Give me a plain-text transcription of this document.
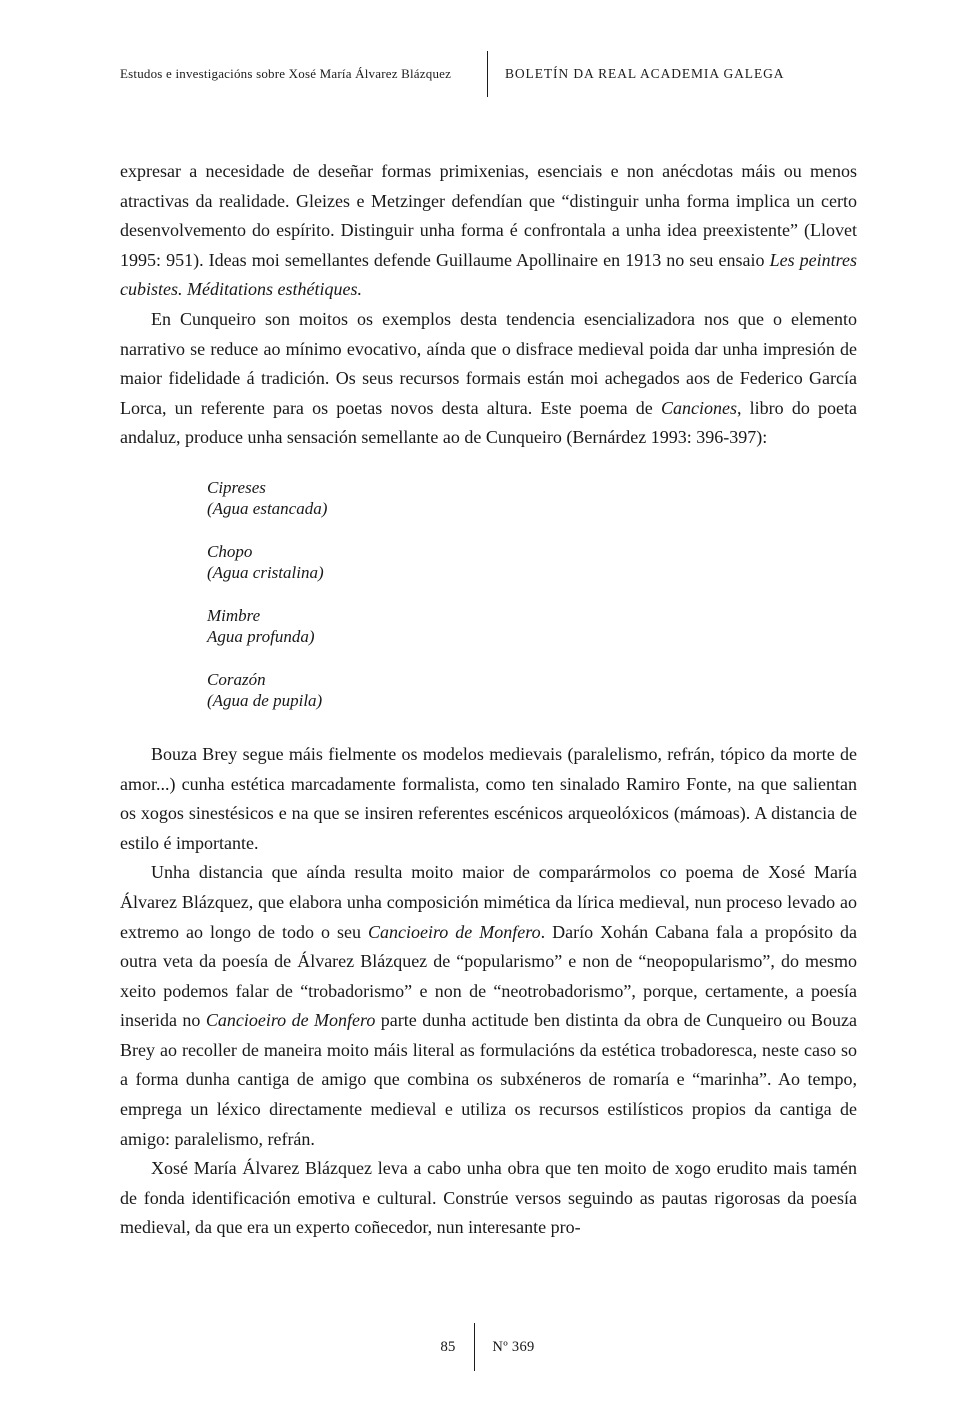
Estudos e investigacións sobre Xosé María Álvarez Blázquez	BOLETÍN DA REAL ACADEMIA GALEGA

expresar a necesidade de deseñar formas primixenias, esenciais e non anécdotas máis ou menos atractivas da realidade. Gleizes e Metzinger defendían que “distinguir unha forma implica un certo desenvolvemento do espírito. Distinguir unha forma é confrontala a unha idea preexistente” (Llovet 1995: 951). Ideas moi semellantes defende Guillaume Apollinaire en 1913 no seu ensaio Les peintres cubistes. Méditations esthétiques.

En Cunqueiro son moitos os exemplos desta tendencia esencializadora nos que o elemento narrativo se reduce ao mínimo evocativo, aínda que o disfrace medieval poida dar unha impresión de maior fidelidade á tradición. Os seus recursos formais están moi achegados aos de Federico García Lorca, un referente para os poetas novos desta altura. Este poema de Canciones, libro do poeta andaluz, produce unha sensación semellante ao de Cunqueiro (Bernárdez 1993: 396-397):

Cipreses
(Agua estancada)
Chopo
(Agua cristalina)
Mimbre
Agua profunda)
Corazón
(Agua de pupila)

Bouza Brey segue máis fielmente os modelos medievais (paralelismo, refrán, tópico da morte de amor...) cunha estética marcadamente formalista, como ten sinalado Ramiro Fonte, na que salientan os xogos sinestésicos e na que se insiren referentes escénicos arqueolóxicos (mámoas). A distancia de estilo é importante.

Unha distancia que aínda resulta moito maior de comparármolos co poema de Xosé María Álvarez Blázquez, que elabora unha composición mimética da lírica medieval, nun proceso levado ao extremo ao longo de todo o seu Cancioeiro de Monfero. Darío Xohán Cabana fala a propósito da outra veta da poesía de Álvarez Blázquez de “popularismo” e non de “neopopularismo”, do mesmo xeito podemos falar de “trobadorismo” e non de “neotrobadorismo”, porque, certamente, a poesía inserida no Cancioeiro de Monfero parte dunha actitude ben distinta da obra de Cunqueiro ou Bouza Brey ao recoller de maneira moito máis literal as formulacións da estética trobadoresca, neste caso so a forma dunha cantiga de amigo que combina os subxéneros de romaría e “marinha”. Ao tempo, emprega un léxico directamente medieval e utiliza os recursos estilísticos propios da cantiga de amigo: paralelismo, refrán.

Xosé María Álvarez Blázquez leva a cabo unha obra que ten moito de xogo erudito mais tamén de fonda identificación emotiva e cultural. Constrúe versos seguindo as pautas rigorosas da poesía medieval, da que era un experto coñecedor, nun interesante pro-

85	Nº 369
